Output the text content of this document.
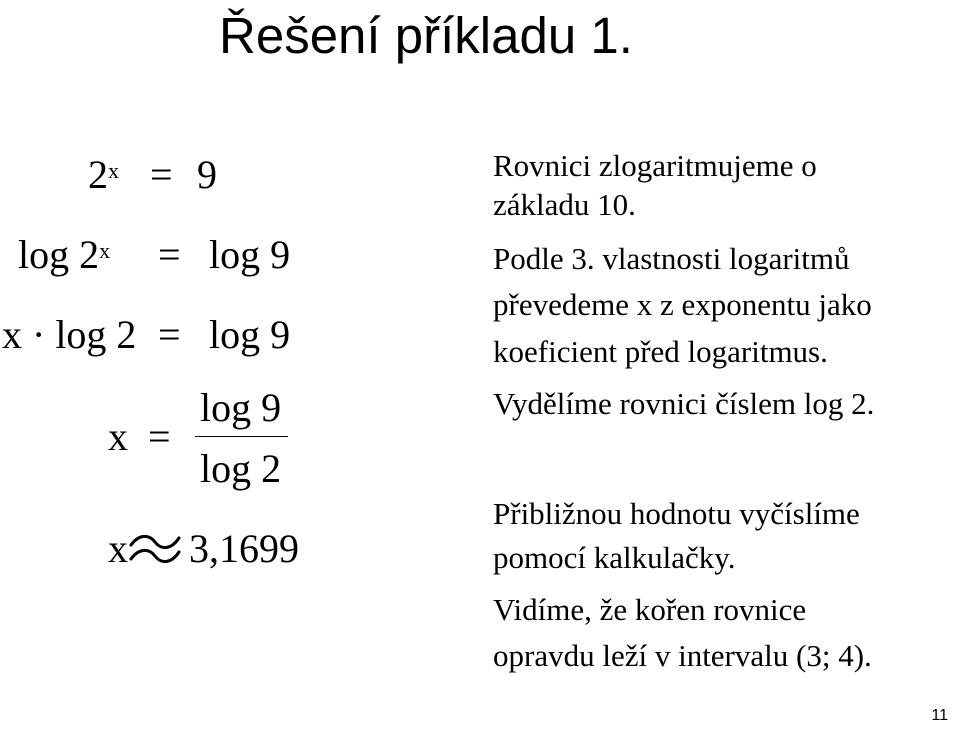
Řešení příkladu 1.
$2^x = 9$
$\log 2^x = \log 9$
x · log 2 = log 9
x =
log 9
log 2
x 3,1699
Rovnici zlogaritmujeme o
základu 10.
Podle 3. vlastnosti logaritmů
převedeme x z exponentu jako
koeficient před logaritmus.
Vydělíme rovnici číslem log 2.
Přibližnou hodnotu vyčíslíme
pomocí kalkulačky.
Vidíme, že kořen rovnice
opravdu leží v intervalu (3; 4).
11
